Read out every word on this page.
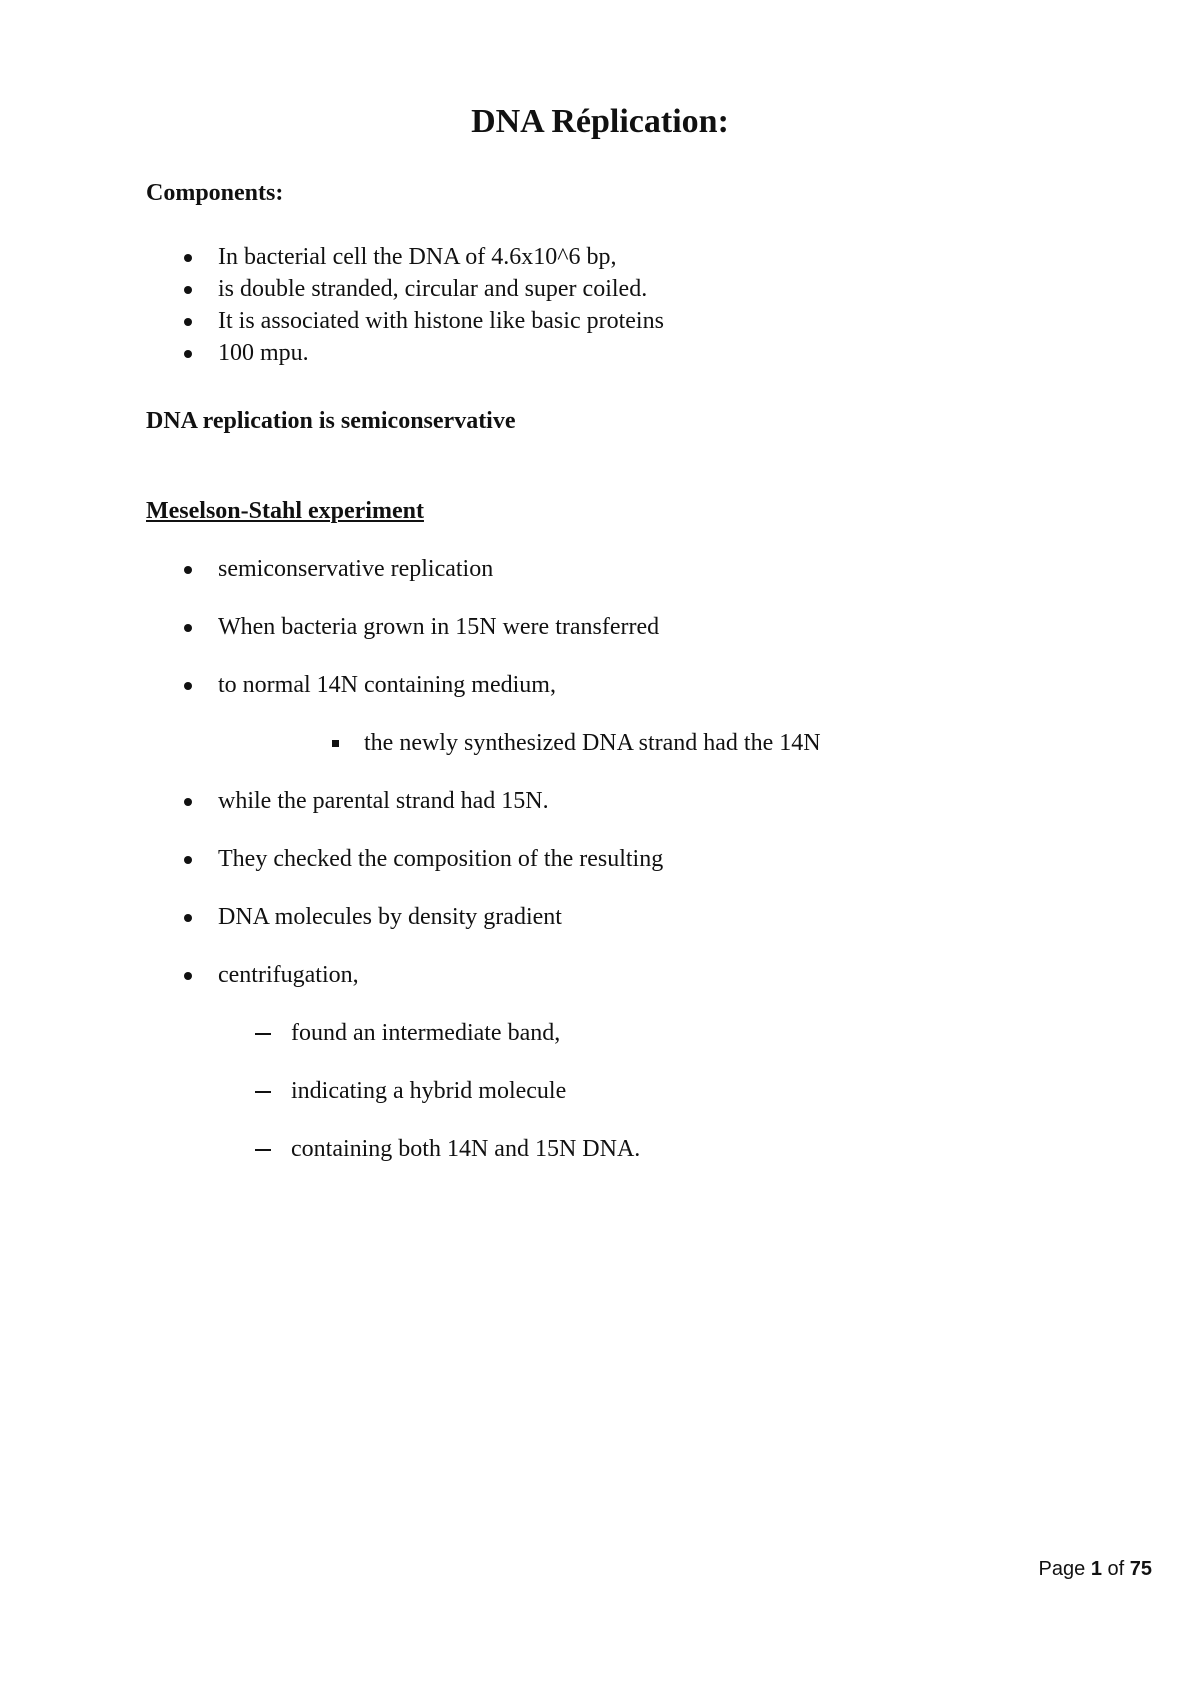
DNA Réplication:
Components:
In bacterial cell the DNA of 4.6x10^6 bp,
is double stranded, circular and super coiled.
It is associated with histone like basic proteins
100 mpu.
DNA replication is semiconservative
Meselson-Stahl experiment
semiconservative replication
When bacteria grown in 15N were transferred
to normal 14N containing medium,
the newly synthesized DNA strand had the 14N
while the parental strand had 15N.
They checked the composition of the resulting
DNA molecules by density gradient
centrifugation,
found an intermediate band,
indicating a hybrid molecule
containing both 14N and 15N DNA.
Page 1 of 75
